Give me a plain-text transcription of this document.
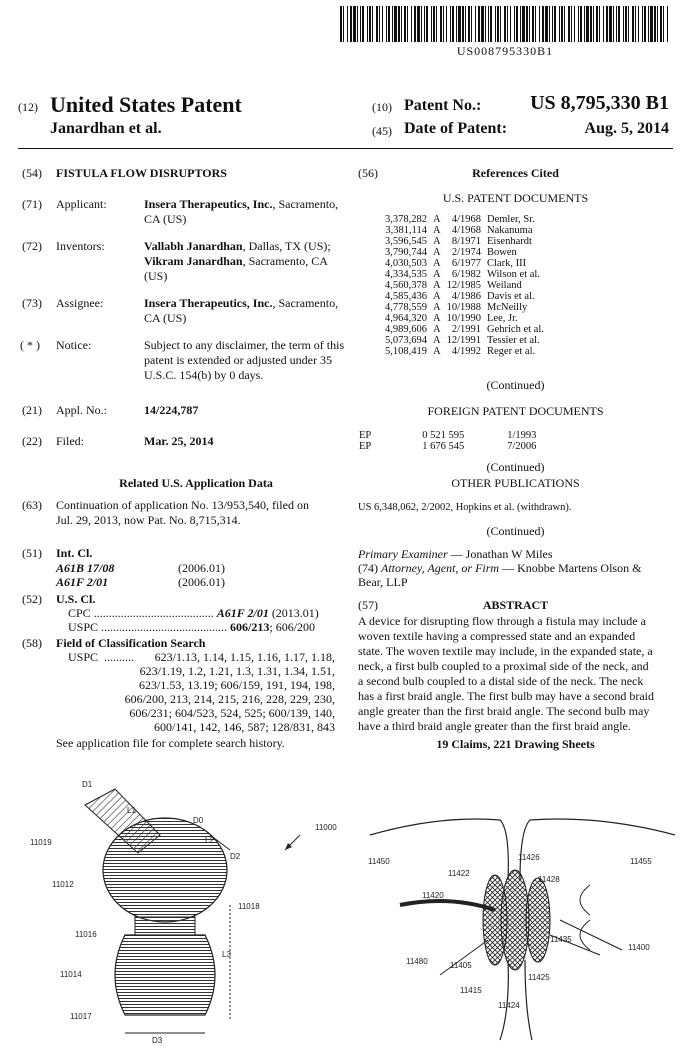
US008795330B1
(12) United States Patent
Janardhan et al.
(10) Patent No.: US 8,795,330 B1
(45) Date of Patent:	Aug. 5, 2014
(54) FISTULA FLOW DISRUPTORS
(71) Applicant:	Insera Therapeutics, Inc., Sacramento,
CA (US)
(72) Inventors:	Vallabh Janardhan, Dallas, TX (US);
Vikram Janardhan, Sacramento, CA
(US)
(73) Assignee:	Insera Therapeutics, Inc., Sacramento,
CA (US)
( * ) Notice:	Subject to any disclaimer, the term of this
patent is extended or adjusted under 35
U.S.C. 154(b) by 0 days.
(21) Appl. No.:	14/224,787
(22) Filed:	Mar. 25, 2014
Related U.S. Application Data
(63) Continuation of application No. 13/953,540, filed on
Jul. 29, 2013, now Pat. No. 8,715,314.
(51) Int. Cl.
A61B 17/08	(2006.01)
A61F 2/01	(2006.01)
(52) U.S. Cl.
CPC ........................................ A61F 2/01 (2013.01)
USPC .......................................... 606/213; 606/200
(58) Field of Classification Search
USPC  .......... 623/1.13, 1.14, 1.15, 1.16, 1.17, 1.18,
623/1.19, 1.2, 1.21, 1.3, 1.31, 1.34, 1.51,
623/1.53, 13.19; 606/159, 191, 194, 198,
606/200, 213, 214, 215, 216, 228, 229, 230,
606/231; 604/523, 524, 525; 600/139, 140,
600/141, 142, 146, 587; 128/831, 843
See application file for complete search history.
(56)	References Cited
U.S. PATENT DOCUMENTS
3,378,282	A	4/1968	Demler, Sr.
3,381,114	A	4/1968	Nakanuma
3,596,545	A	8/1971	Eisenhardt
3,790,744	A	2/1974	Bowen
4,030,503	A	6/1977	Clark, III
4,334,535	A	6/1982	Wilson et al.
4,560,378	A	12/1985	Weiland
4,585,436	A	4/1986	Davis et al.
4,778,559	A	10/1988	McNeilly
4,964,320	A	10/1990	Lee, Jr.
4,989,606	A	2/1991	Gehrich et al.
5,073,694	A	12/1991	Tessier et al.
5,108,419	A	4/1992	Reger et al.
(Continued)
FOREIGN PATENT DOCUMENTS
EP	0 521 595	1/1993
EP	1 676 545	7/2006
(Continued)
OTHER PUBLICATIONS
US 6,348,062, 2/2002, Hopkins et al. (withdrawn).
(Continued)
Primary Examiner — Jonathan W Miles
(74) Attorney, Agent, or Firm — Knobbe Martens Olson &
Bear, LLP
(57)	ABSTRACT
A device for disrupting flow through a fistula may include a
woven textile having a compressed state and an expanded
state. The woven textile may include, in the expanded state, a
neck, a first bulb coupled to a proximal side of the neck, and
a second bulb coupled to a distal side of the neck. The neck
has a first braid angle. The first bulb may have a second braid
angle greater than the first braid angle. The second bulb may
have a third braid angle greater than the first braid angle.
19 Claims, 221 Drawing Sheets
D1
L1
D0
11000
L2
D2
11019
11012
11018
11016
L3
11014
11017
D3
11450	11455
11426
11422
11428
11420
11435
11400
11480	11405
11425
11415
11424
